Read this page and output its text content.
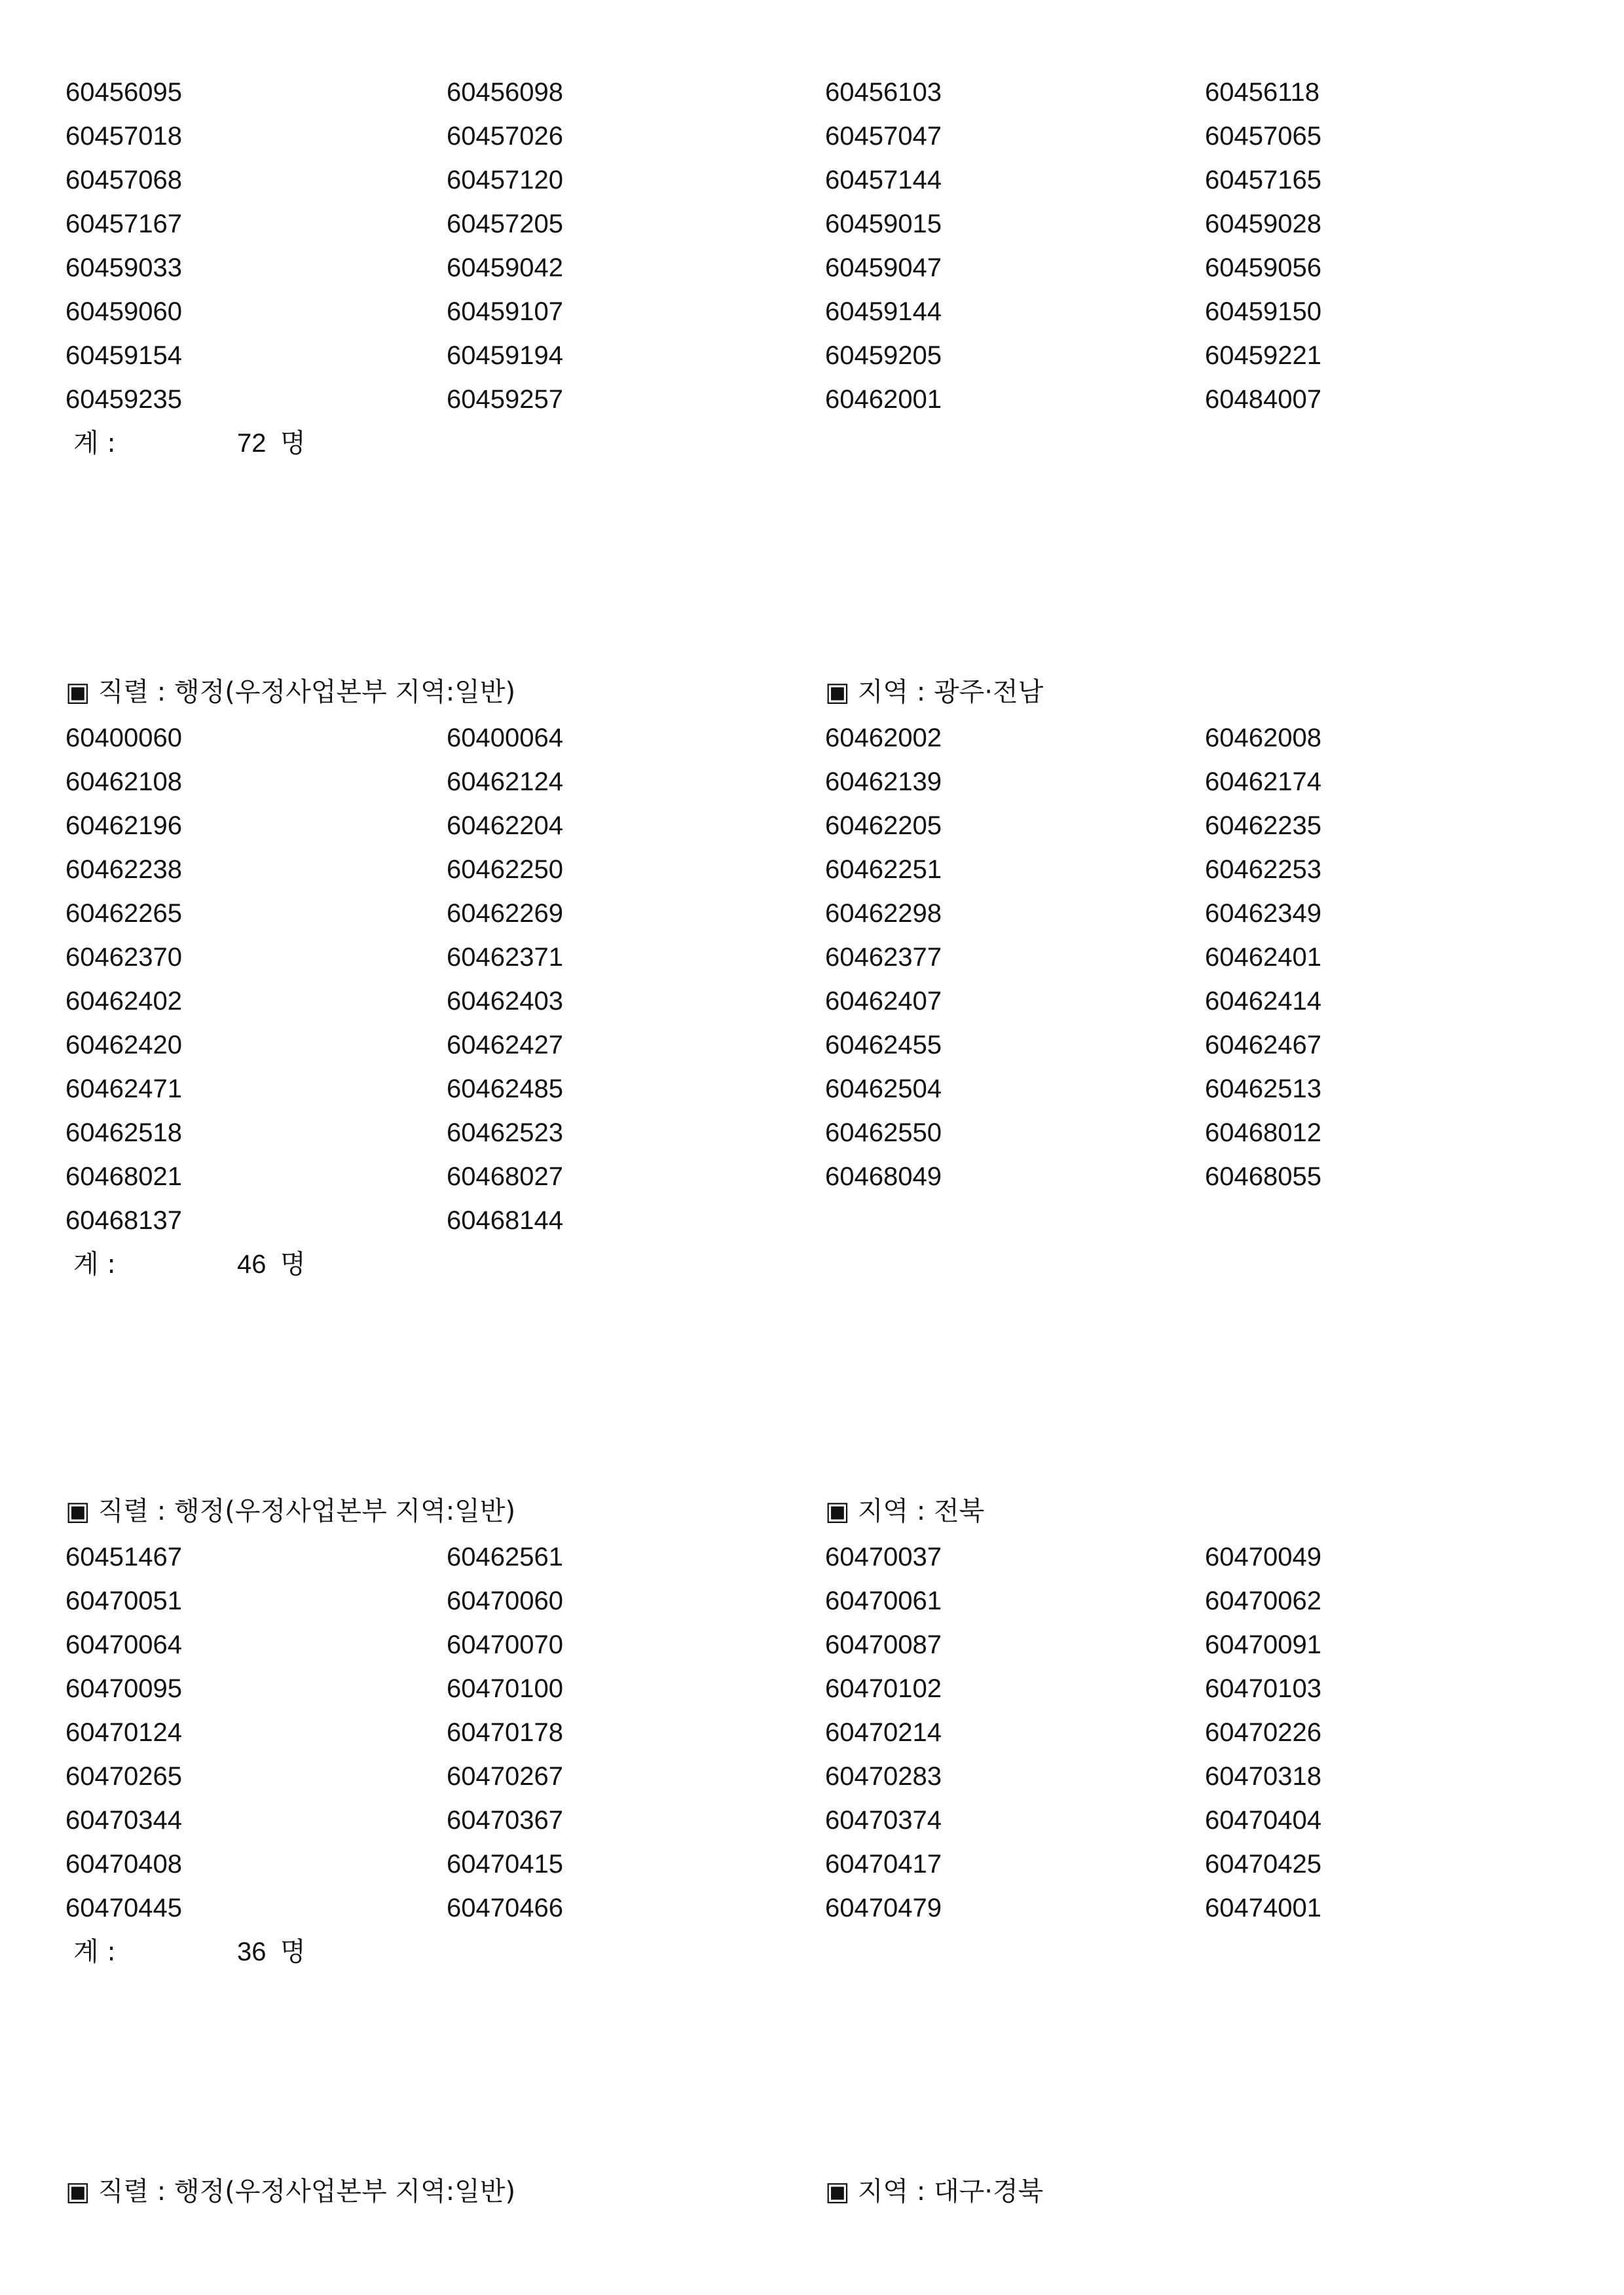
60456095	60456098	60456103	60456118
60457018	60457026	60457047	60457065
60457068	60457120	60457144	60457165
60457167	60457205	60459015	60459028
60459033	60459042	60459047	60459056
60459060	60459107	60459144	60459150
60459154	60459194	60459205	60459221
60459235	60459257	60462001	60484007
계 :	72 명
▣ 직렬 : 행정(우정사업본부 지역:일반)	▣ 지역 : 광주·전남
60400060	60400064	60462002	60462008
60462108	60462124	60462139	60462174
60462196	60462204	60462205	60462235
60462238	60462250	60462251	60462253
60462265	60462269	60462298	60462349
60462370	60462371	60462377	60462401
60462402	60462403	60462407	60462414
60462420	60462427	60462455	60462467
60462471	60462485	60462504	60462513
60462518	60462523	60462550	60468012
60468021	60468027	60468049	60468055
60468137	60468144
계 :	46 명
▣ 직렬 : 행정(우정사업본부 지역:일반)	▣ 지역 : 전북
60451467	60462561	60470037	60470049
60470051	60470060	60470061	60470062
60470064	60470070	60470087	60470091
60470095	60470100	60470102	60470103
60470124	60470178	60470214	60470226
60470265	60470267	60470283	60470318
60470344	60470367	60470374	60470404
60470408	60470415	60470417	60470425
60470445	60470466	60470479	60474001
계 :	36 명
▣ 직렬 : 행정(우정사업본부 지역:일반)	▣ 지역 : 대구·경북
